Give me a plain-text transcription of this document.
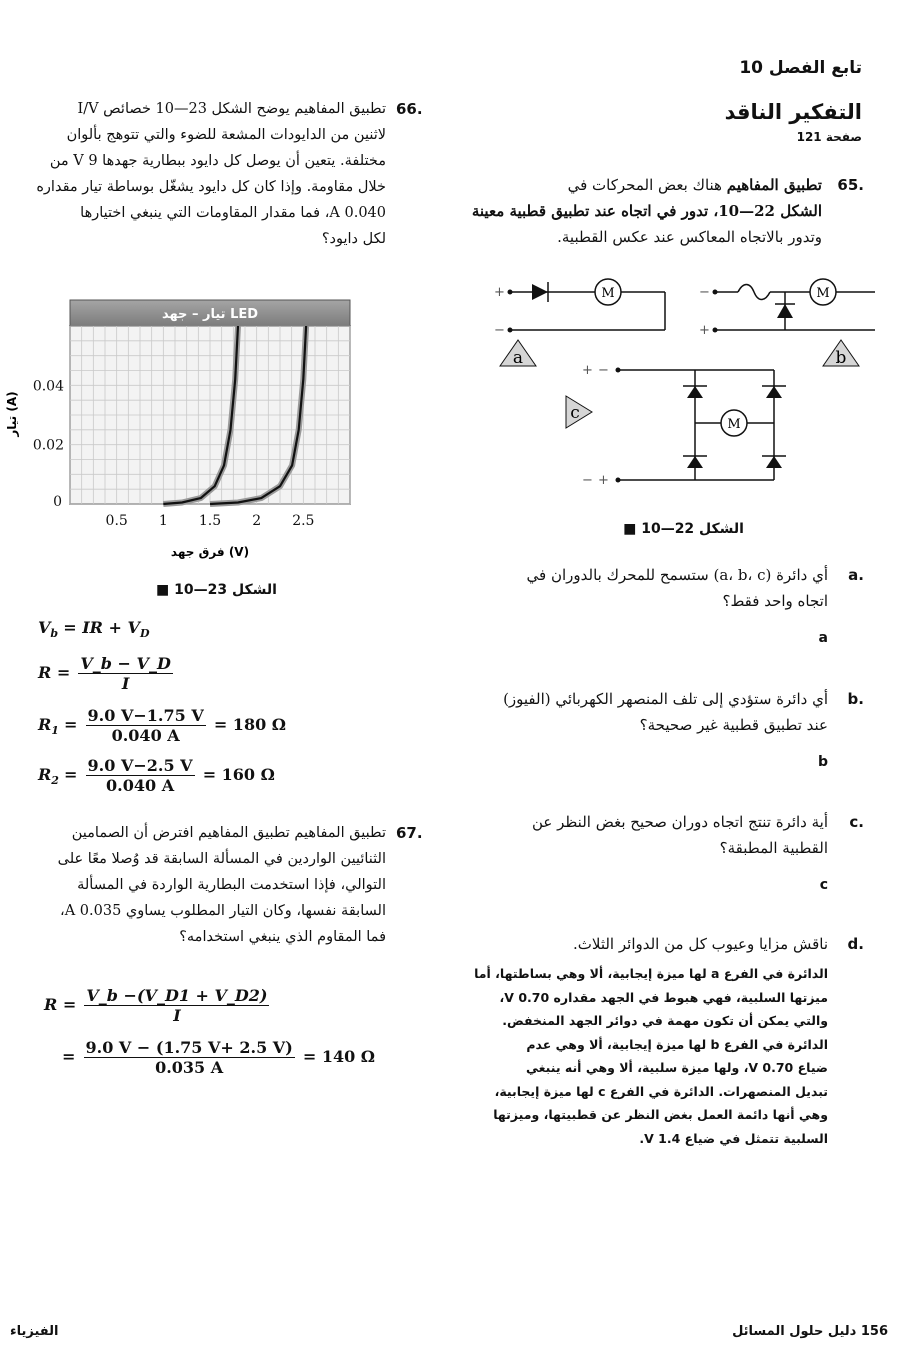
تابع الفصل 10
التفكير الناقد
صفحة 121
.65
تطبيق المفاهيم هناك بعض المحركات في
الشكل 22—10، تدور في اتجاه عند تطبيق قطبية معينة
وتدور بالاتجاه المعاكس عند عكس القطبية.
M	M
M
+
−
−
+
+ −
− +
a	b
c
الشكل 22—10 ■
.a
أي دائرة (a، b، c) ستسمح للمحرك بالدوران في
اتجاه واحد فقط؟
a
.b
أي دائرة ستؤدي إلى تلف المنصهر الكهربائي (الفيوز)
عند تطبيق قطبية غير صحيحة؟
b
.c
أية دائرة تنتج اتجاه دوران صحيح بغض النظر عن
القطبية المطبقة؟
c
.d
ناقش مزايا وعيوب كل من الدوائر الثلاث.
الدائرة في الفرع a لها ميزة إيجابية، ألا وهي بساطتها، أما
ميزتها السلبية، فهي هبوط في الجهد مقداره 0.70 V،
والتي يمكن أن تكون مهمة في دوائر الجهد المنخفض.
الدائرة في الفرع b لها ميزة إيجابية، ألا وهي عدم
ضياع 0.70 V، ولها ميزة سلبية، ألا وهي أنه ينبغي
تبديل المنصهرات. الدائرة في الفرع c لها ميزة إيجابية،
وهي أنها دائمة العمل بغض النظر عن قطبيتها، وميزتها
السلبية تتمثل في ضياع 1.4 V.
.66
تطبيق المفاهيم يوضح الشكل 23—10 خصائص I/V
لاثنين من الدايودات المشعة للضوء والتي تتوهج بألوان
مختلفة. يتعين أن يوصل كل دايود ببطارية جهدها 9 V من
خلال مقاومة. وإذا كان كل دايود يشغّل بوساطة تيار مقداره
0.040 A، فما مقدار المقاومات التي ينبغي اختيارها
لكل دايود؟
تيار – جهد LED
0.5 1 1.5 2 2.5
0
0.02
0.04
فرق جهد (V)
تيار (A)
الشكل 23—10 ■
$V_b$ = IR + $V_D$
$R = \frac{V\_b - V\_D}{I}$
$R_1 = \frac{9.0 V-1.75 V}{0.040 A} = 180$ Ω
$R_2 = \frac{9.0 V-2.5 V}{0.040 A} = 160$ Ω
.67
تطبيق المفاهيم تطبيق المفاهيم افترض أن الصمامين
الثنائيين الواردين في المسألة السابقة قد وُصلا معًا على
التوالي، فإذا استخدمت البطارية الواردة في المسألة
السابقة نفسها، وكان التيار المطلوب يساوي 0.035 A،
فما المقاوم الذي ينبغي استخدامه؟
$R = \frac{V\_b -(V\_D1 + V\_D2)}{I}$
= $\frac{9.0 V - (1.75 V+ 2.5 V)}{0.035 A} = 140$ Ω
الفيزياء	156 دليل حلول المسائل
